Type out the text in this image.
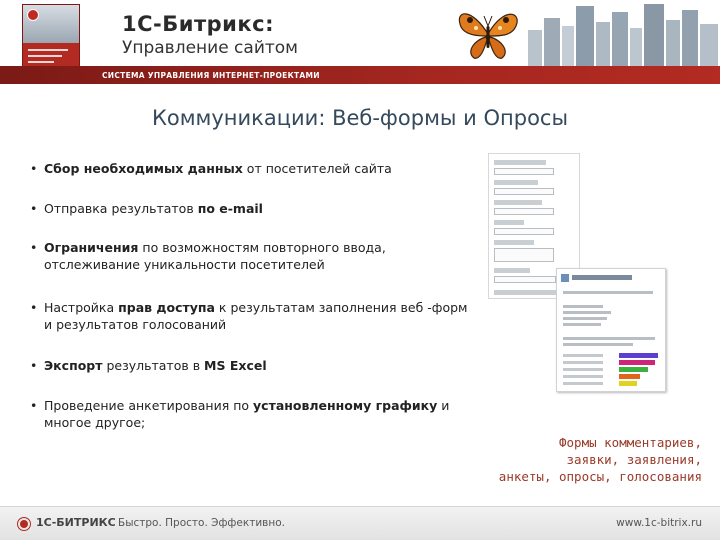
1С-Битрикс:
Управление сайтом
СИСТЕМА УПРАВЛЕНИЯ ИНТЕРНЕТ-ПРОЕКТАМИ
Коммуникации: Веб-формы и Опросы
• Сбор необходимых данных от посетителей сайта
• Отправка результатов по e-mail
• Ограничения по возможностям повторного ввода, отслеживание уникальности посетителей
• Настройка прав доступа к результатам заполнения веб -форм и результатов голосований
• Экспорт результатов в MS Excel
• Проведение анкетирования по установленному графику и многое другое;
Формы комментариев,
заявки, заявления,
анкеты, опросы, голосования
1С-БИТРИКС Быстро. Просто. Эффективно.	www.1c-bitrix.ru
